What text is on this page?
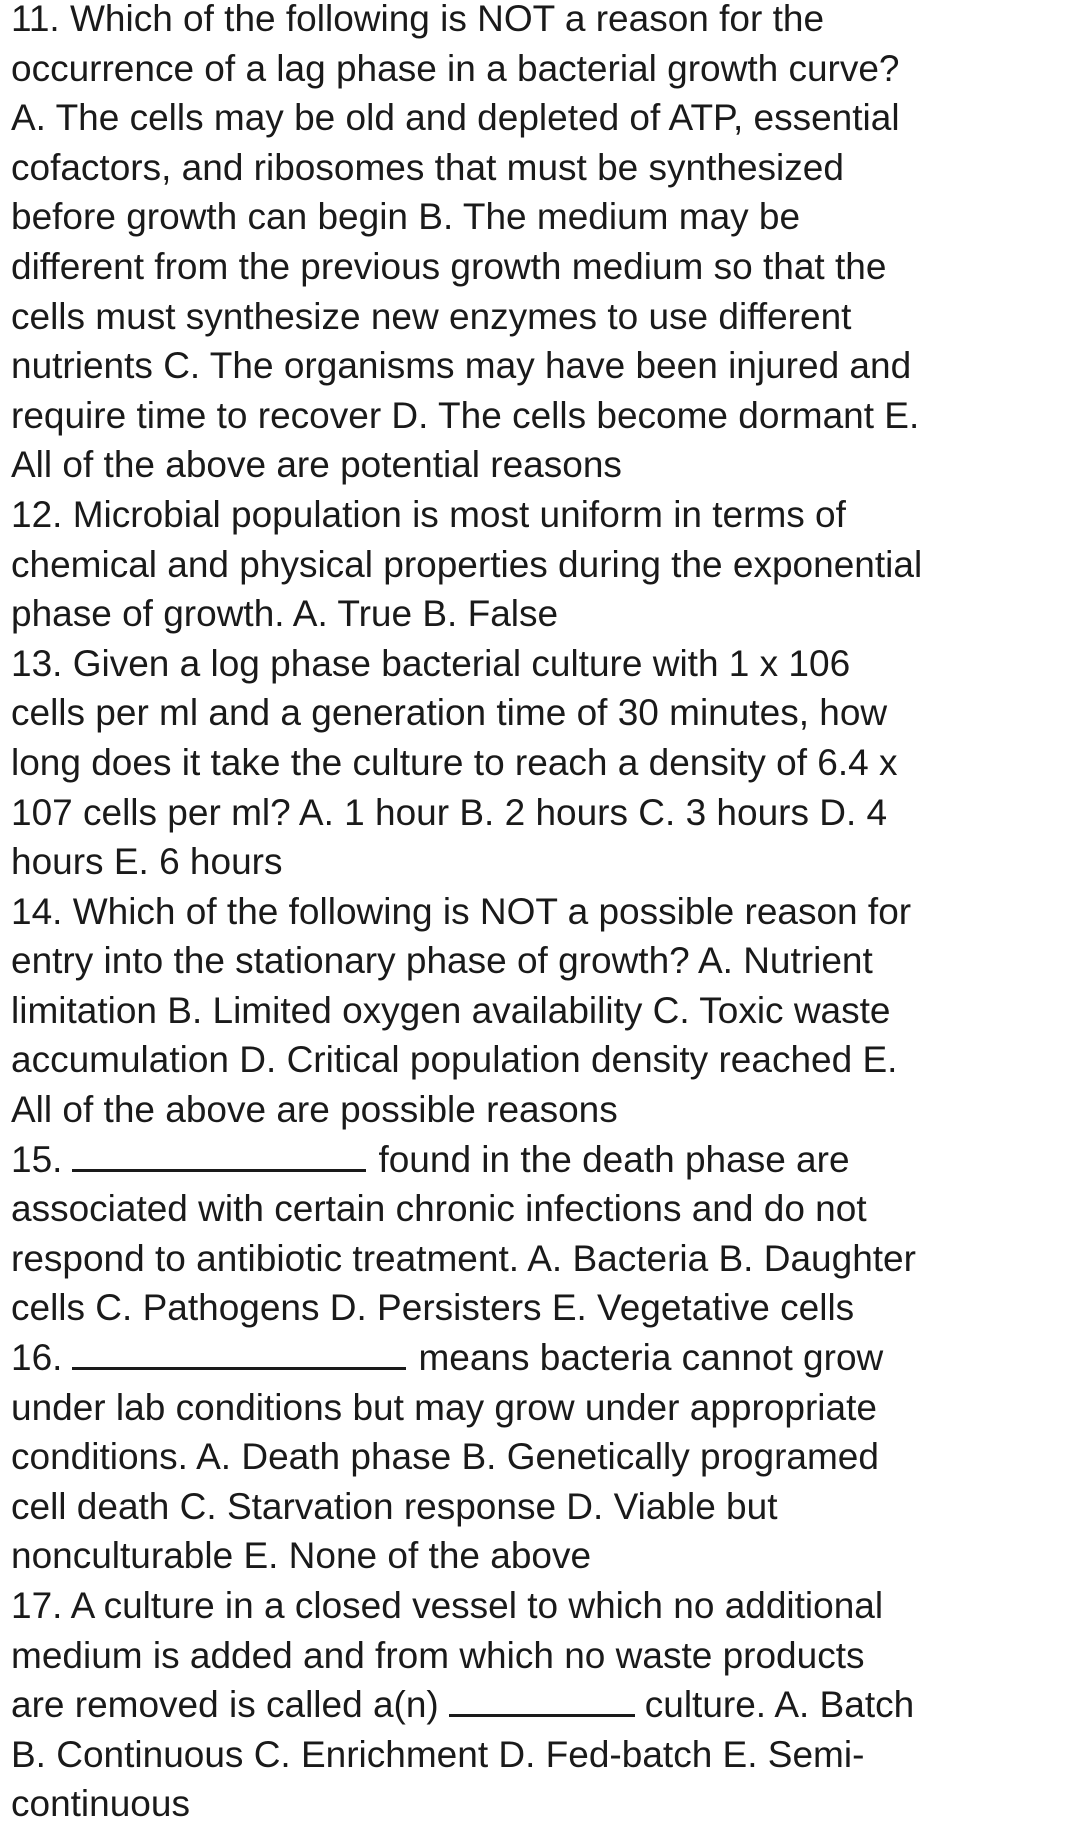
11. Which of the following is NOT a reason for the
occurrence of a lag phase in a bacterial growth curve?
A. The cells may be old and depleted of ATP, essential
cofactors, and ribosomes that must be synthesized
before growth can begin B. The medium may be
different from the previous growth medium so that the
cells must synthesize new enzymes to use different
nutrients C. The organisms may have been injured and
require time to recover D. The cells become dormant E.
All of the above are potential reasons
12. Microbial population is most uniform in terms of
chemical and physical properties during the exponential
phase of growth. A. True B. False
13. Given a log phase bacterial culture with 1 x 106
cells per ml and a generation time of 30 minutes, how
long does it take the culture to reach a density of 6.4 x
107 cells per ml? A. 1 hour B. 2 hours C. 3 hours D. 4
hours E. 6 hours
14. Which of the following is NOT a possible reason for
entry into the stationary phase of growth? A. Nutrient
limitation B. Limited oxygen availability C. Toxic waste
accumulation D. Critical population density reached E.
All of the above are possible reasons
15.	found in the death phase are
associated with certain chronic infections and do not
respond to antibiotic treatment. A. Bacteria B. Daughter
cells C. Pathogens D. Persisters E. Vegetative cells
16.	means bacteria cannot grow
under lab conditions but may grow under appropriate
conditions. A. Death phase B. Genetically programed
cell death C. Starvation response D. Viable but
nonculturable E. None of the above
17. A culture in a closed vessel to which no additional
medium is added and from which no waste products
are removed is called a(n)	culture. A. Batch
B. Continuous C. Enrichment D. Fed-batch E. Semi-
continuous
